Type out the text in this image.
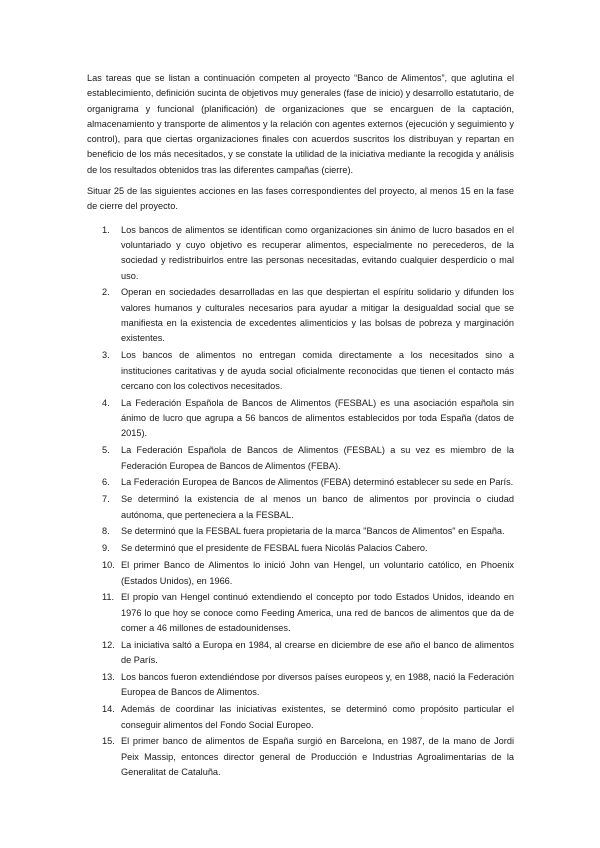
Las tareas que se listan a continuación competen al proyecto “Banco de Alimentos”, que aglutina el establecimiento, definición sucinta de objetivos muy generales (fase de inicio) y desarrollo estatutario, de organigrama y funcional (planificación) de organizaciones que se encarguen de la captación, almacenamiento y transporte de alimentos y la relación con agentes externos (ejecución y seguimiento y control), para que ciertas organizaciones finales con acuerdos suscritos los distribuyan y repartan en beneficio de los más necesitados, y se constate la utilidad de la iniciativa mediante la recogida y análisis de los resultados obtenidos tras las diferentes campañas (cierre).

Situar 25 de las siguientes acciones en las fases correspondientes del proyecto, al menos 15 en la fase de cierre del proyecto.

1.	Los bancos de alimentos se identifican como organizaciones sin ánimo de lucro basados en el voluntariado y cuyo objetivo es recuperar alimentos, especialmente no perecederos, de la sociedad y redistribuirlos entre las personas necesitadas, evitando cualquier desperdicio o mal uso.
2.	Operan en sociedades desarrolladas en las que despiertan el espíritu solidario y difunden los valores humanos y culturales necesarios para ayudar a mitigar la desigualdad social que se manifiesta en la existencia de excedentes alimenticios y las bolsas de pobreza y marginación existentes.
3.	Los bancos de alimentos no entregan comida directamente a los necesitados sino a instituciones caritativas y de ayuda social oficialmente reconocidas que tienen el contacto más cercano con los colectivos necesitados.
4.	La Federación Española de Bancos de Alimentos (FESBAL) es una asociación española sin ánimo de lucro que agrupa a 56 bancos de alimentos establecidos por toda España (datos de 2015).
5.	La Federación Española de Bancos de Alimentos (FESBAL) a su vez es miembro de la Federación Europea de Bancos de Alimentos (FEBA).
6.	La Federación Europea de Bancos de Alimentos (FEBA) determinó establecer su sede en París.
7.	Se determinó la existencia de al menos un banco de alimentos por provincia o ciudad autónoma, que perteneciera a la FESBAL.
8.	Se determinó que la FESBAL fuera propietaria de la marca "Bancos de Alimentos" en España.
9.	Se determinó que el presidente de FESBAL fuera Nicolás Palacios Cabero.
10. El primer Banco de Alimentos lo inició John van Hengel, un voluntario católico, en Phoenix (Estados Unidos), en 1966.
11. El propio van Hengel continuó extendiendo el concepto por todo Estados Unidos, ideando en 1976 lo que hoy se conoce como Feeding America, una red de bancos de alimentos que da de comer a 46 millones de estadounidenses.
12. La iniciativa saltó a Europa en 1984, al crearse en diciembre de ese año el banco de alimentos de París.
13. Los bancos fueron extendiéndose por diversos países europeos y, en 1988, nació la Federación Europea de Bancos de Alimentos.
14. Además de coordinar las iniciativas existentes, se determinó como propósito particular el conseguir alimentos del Fondo Social Europeo.
15. El primer banco de alimentos de España surgió en Barcelona, en 1987, de la mano de Jordi Peix Massip, entonces director general de Producción e Industrias Agroalimentarias de la Generalitat de Cataluña.
